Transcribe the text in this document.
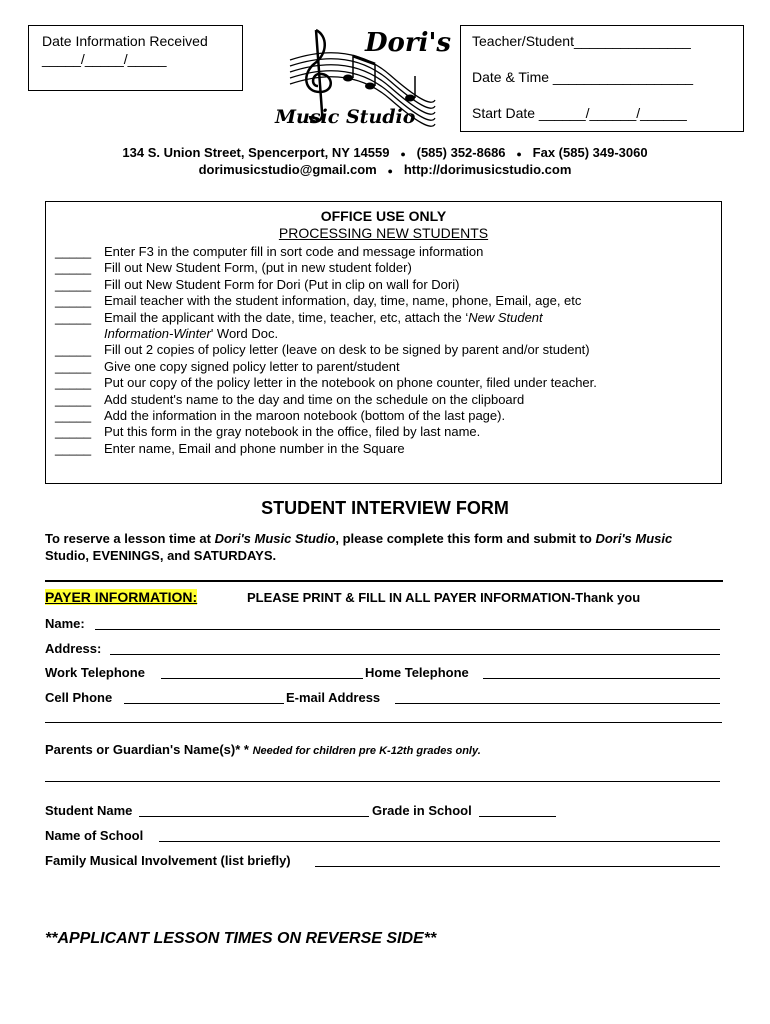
Date Information Received
_____/_____/_____
Dori's
Music Studio
Teacher/Student_______________
Date & Time __________________
Start Date ______/______/______
134 S. Union Street, Spencerport, NY 14559 ● (585) 352-8686 ● Fax (585) 349-3060
dorimusicstudio@gmail.com ● http://dorimusicstudio.com
OFFICE USE ONLY
PROCESSING NEW STUDENTS
_____ Enter F3 in the computer fill in sort code and message information
_____ Fill out New Student Form, (put in new student folder)
_____ Fill out New Student Form for Dori (Put in clip on wall for Dori)
_____ Email teacher with the student information, day, time, name, phone, Email, age, etc
_____ Email the applicant with the date, time, teacher, etc, attach the ‘New Student
Information-Winter' Word Doc.
_____ Fill out 2 copies of policy letter (leave on desk to be signed by parent and/or student)
_____ Give one copy signed policy letter to parent/student
_____ Put our copy of the policy letter in the notebook on phone counter, filed under teacher.
_____ Add student's name to the day and time on the schedule on the clipboard
_____ Add the information in the maroon notebook (bottom of the last page).
_____ Put this form in the gray notebook in the office, filed by last name.
_____ Enter name, Email and phone number in the Square
STUDENT INTERVIEW FORM
To reserve a lesson time at Dori's Music Studio, please complete this form and submit to Dori's Music
Studio, EVENINGS, and SATURDAYS.
PAYER INFORMATION:	PLEASE PRINT & FILL IN ALL PAYER INFORMATION-Thank you
Name:
Address:
Work Telephone	Home Telephone
Cell Phone	E-mail Address
Parents or Guardian's Name(s)* * Needed for children pre K-12th grades only.
Student Name	Grade in School
Name of School
Family Musical Involvement (list briefly)
**APPLICANT LESSON TIMES ON REVERSE SIDE**
